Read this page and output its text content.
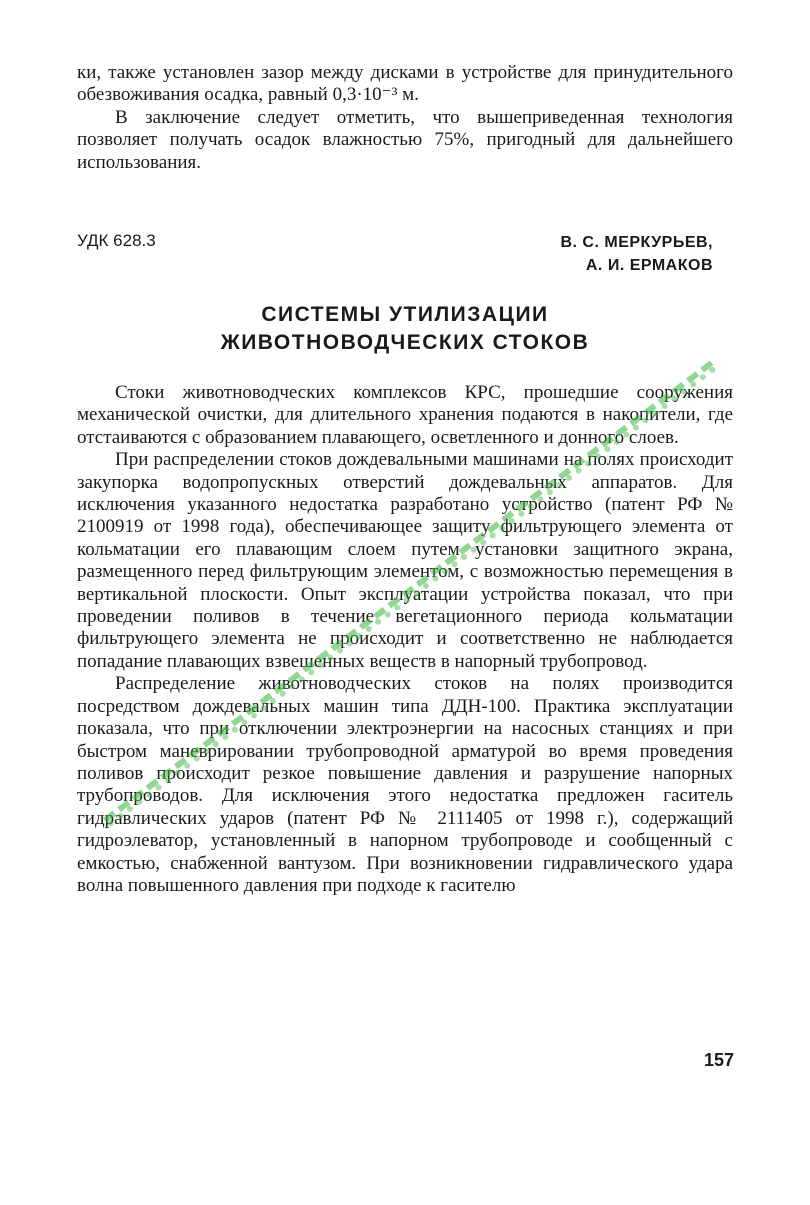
ки, также установлен зазор между дисками в устройстве для принудительного обезвоживания осадка, равный 0,3·10⁻³ м.

В заключение следует отметить, что вышеприведенная технология позволяет получать осадок влажностью 75%, пригодный для дальнейшего использования.

УДК 628.3	В. С. МЕРКУРЬЕВ,
А. И. ЕРМАКОВ
СИСТЕМЫ УТИЛИЗАЦИИ
ЖИВОТНОВОДЧЕСКИХ СТОКОВ

Стоки животноводческих комплексов КРС, прошедшие сооружения механической очистки, для длительного хранения подаются в накопители, где отстаиваются с образованием плавающего, осветленного и донного слоев.

При распределении стоков дождевальными машинами на полях происходит закупорка водопропускных отверстий дождевальных аппаратов. Для исключения указанного недостатка разработано устройство (патент РФ № 2100919 от 1998 года), обеспечивающее защиту фильтрующего элемента от кольматации его плавающим слоем путем установки защитного экрана, размещенного перед фильтрующим элементом, с возможностью перемещения в вертикальной плоскости. Опыт эксплуатации устройства показал, что при проведении поливов в течение вегетационного периода кольматации фильтрующего элемента не происходит и соответственно не наблюдается попадание плавающих взвешенных веществ в напорный трубопровод.

Распределение животноводческих стоков на полях производится посредством дождевальных машин типа ДДН-100. Практика эксплуатации показала, что при отключении электроэнергии на насосных станциях и при быстром маневрировании трубопроводной арматурой во время проведения поливов происходит резкое повышение давления и разрушение напорных трубопроводов. Для исключения этого недостатка предложен гаситель гидравлических ударов (патент РФ № 2111405 от 1998 г.), содержащий гидроэлеватор, установленный в напорном трубопроводе и сообщенный с емкостью, снабженной вантузом. При возникновении гидравлического удара волна повышенного давления при подходе к гасителю

157
